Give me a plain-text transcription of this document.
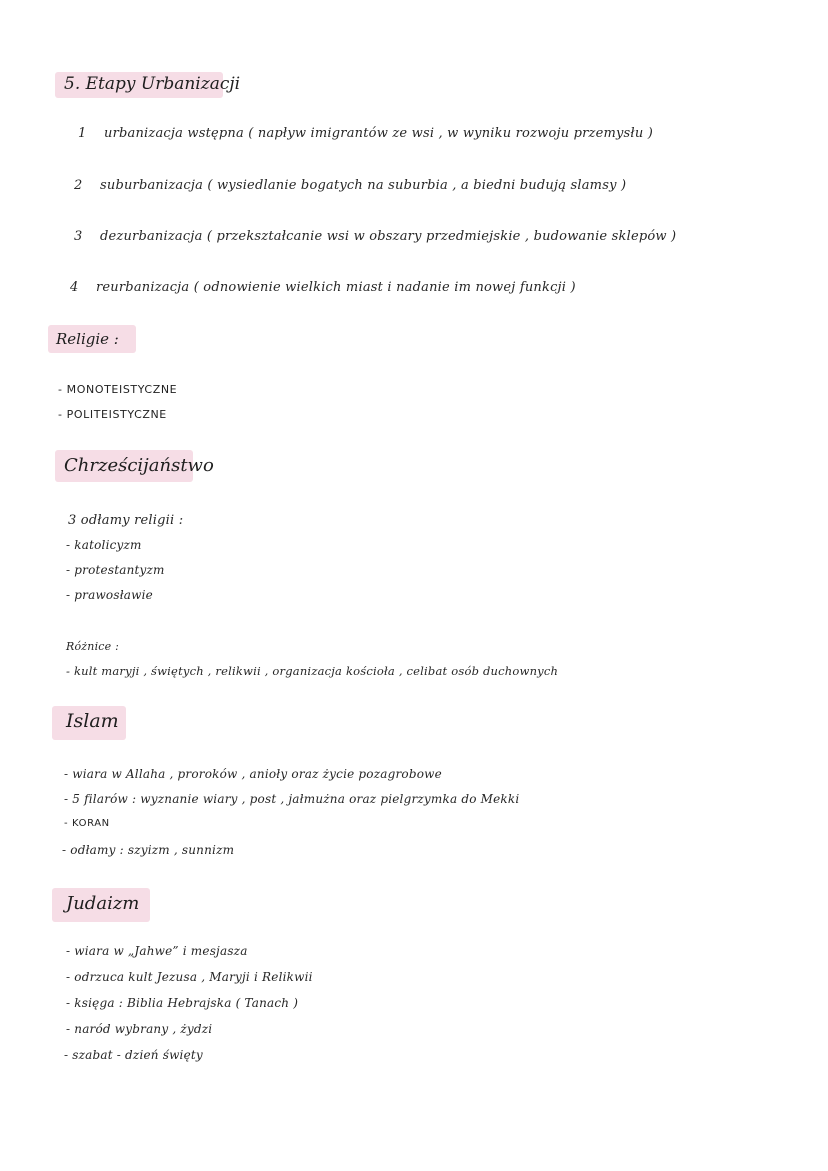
5. Etapy Urbanizacji
1 urbanizacja wstępna ( napływ imigrantów ze wsi , w wyniku rozwoju przemysłu )
2 suburbanizacja ( wysiedlanie bogatych na suburbia , a biedni budują slamsy )
3 dezurbanizacja ( przekształcanie wsi w obszary przedmiejskie , budowanie sklepów )
4 reurbanizacja ( odnowienie wielkich miast i nadanie im nowej funkcji )
Religie :
- MONOTEISTYCZNE
- POLITEISTYCZNE
Chrześcijaństwo
3 odłamy religii :
- katolicyzm
- protestantyzm
- prawosławie
Różnice :
- kult maryji , świętych , relikwii , organizacja kościoła , celibat osób duchownych
Islam
- wiara w Allaha , proroków , anioły oraz życie pozagrobowe
- 5 filarów : wyznanie wiary , post , jałmużna oraz pielgrzymka do Mekki
- KORAN
- odłamy : szyizm , sunnizm
Judaizm
- wiara w „Jahwe” i mesjasza
- odrzuca kult Jezusa , Maryji i Relikwii
- księga : Biblia Hebrajska ( Tanach )
- naród wybrany , żydzi
- szabat - dzień święty
